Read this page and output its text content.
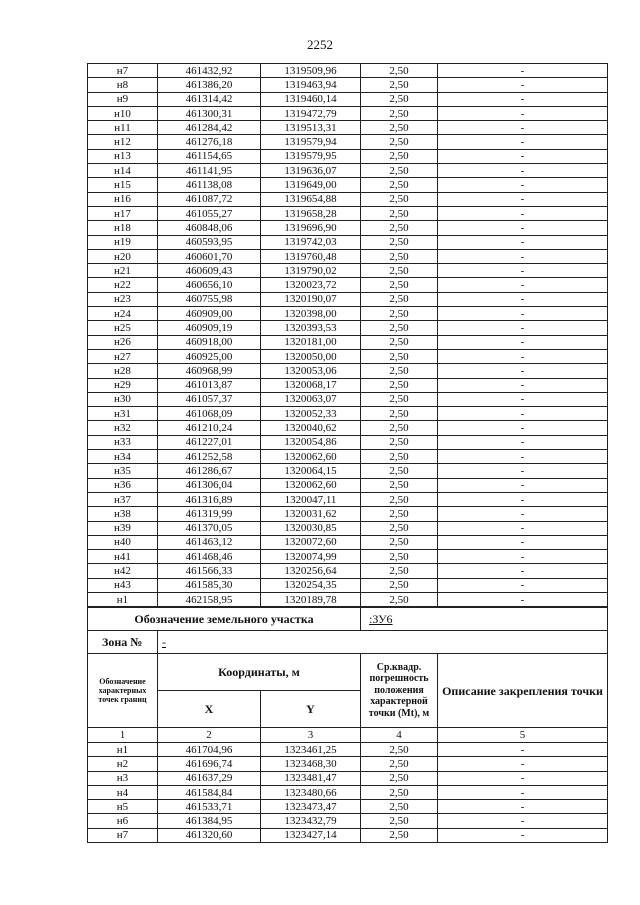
2252
н7	461432,92	1319509,96	2,50	-
н8	461386,20	1319463,94	2,50	-
н9	461314,42	1319460,14	2,50	-
н10	461300,31	1319472,79	2,50	-
н11	461284,42	1319513,31	2,50	-
н12	461276,18	1319579,94	2,50	-
н13	461154,65	1319579,95	2,50	-
н14	461141,95	1319636,07	2,50	-
н15	461138,08	1319649,00	2,50	-
н16	461087,72	1319654,88	2,50	-
н17	461055,27	1319658,28	2,50	-
н18	460848,06	1319696,90	2,50	-
н19	460593,95	1319742,03	2,50	-
н20	460601,70	1319760,48	2,50	-
н21	460609,43	1319790,02	2,50	-
н22	460656,10	1320023,72	2,50	-
н23	460755,98	1320190,07	2,50	-
н24	460909,00	1320398,00	2,50	-
н25	460909,19	1320393,53	2,50	-
н26	460918,00	1320181,00	2,50	-
н27	460925,00	1320050,00	2,50	-
н28	460968,99	1320053,06	2,50	-
н29	461013,87	1320068,17	2,50	-
н30	461057,37	1320063,07	2,50	-
н31	461068,09	1320052,33	2,50	-
н32	461210,24	1320040,62	2,50	-
н33	461227,01	1320054,86	2,50	-
н34	461252,58	1320062,60	2,50	-
н35	461286,67	1320064,15	2,50	-
н36	461306,04	1320062,60	2,50	-
н37	461316,89	1320047,11	2,50	-
н38	461319,99	1320031,62	2,50	-
н39	461370,05	1320030,85	2,50	-
н40	461463,12	1320072,60	2,50	-
н41	461468,46	1320074,99	2,50	-
н42	461566,33	1320256,64	2,50	-
н43	461585,30	1320254,35	2,50	-
н1	462158,95	1320189,78	2,50	-
Обозначение земельного участка			:ЗУ6	
Зона №	-			
Обозначение характерных точек границ	Координаты, м		Ср.квадр. погрешность положения характерной точки (Mt), м	Описание закрепления точки
	X	Y		
1	2	3	4	5
н1	461704,96	1323461,25	2,50	-
н2	461696,74	1323468,30	2,50	-
н3	461637,29	1323481,47	2,50	-
н4	461584,84	1323480,66	2,50	-
н5	461533,71	1323473,47	2,50	-
н6	461384,95	1323432,79	2,50	-
н7	461320,60	1323427,14	2,50	-
